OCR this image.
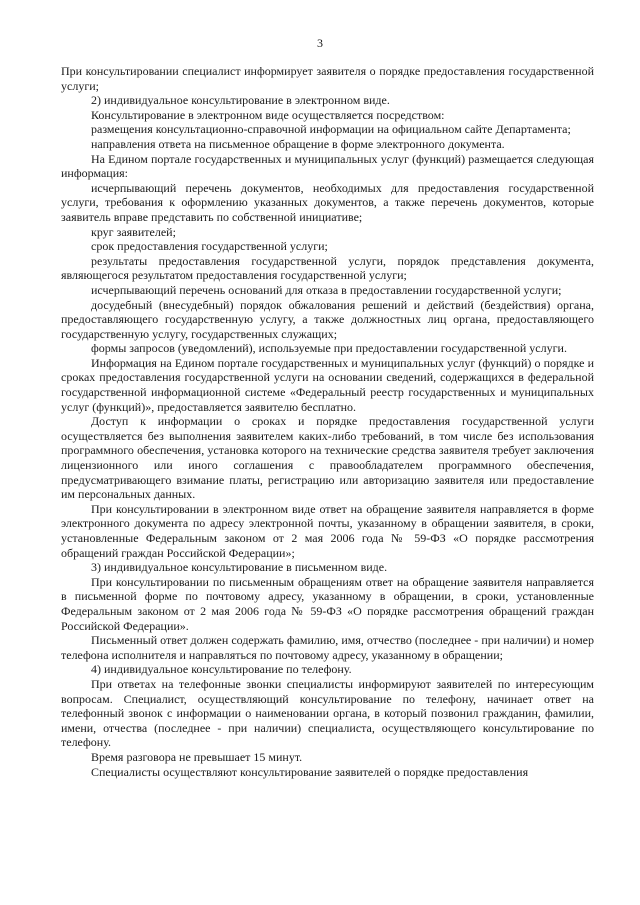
3

При консультировании специалист информирует заявителя о порядке предоставления государственной услуги;

2) индивидуальное консультирование в электронном виде.

Консультирование в электронном виде осуществляется посредством:

размещения консультационно-справочной информации на официальном сайте Департамента;

направления ответа на письменное обращение в форме электронного документа.

На Едином портале государственных и муниципальных услуг (функций) размещается следующая информация:

исчерпывающий перечень документов, необходимых для предоставления государственной услуги, требования к оформлению указанных документов, а также перечень документов, которые заявитель вправе представить по собственной инициативе;

круг заявителей;

срок предоставления государственной услуги;

результаты предоставления государственной услуги, порядок представления документа, являющегося результатом предоставления государственной услуги;

исчерпывающий перечень оснований для отказа в предоставлении государственной услуги;

досудебный (внесудебный) порядок обжалования решений и действий (бездействия) органа, предоставляющего государственную услугу, а также должностных лиц органа, предоставляющего государственную услугу, государственных служащих;

формы запросов (уведомлений), используемые при предоставлении государственной услуги.

Информация на Едином портале государственных и муниципальных услуг (функций) о порядке и сроках предоставления государственной услуги на основании сведений, содержащихся в федеральной государственной информационной системе «Федеральный реестр государственных и муниципальных услуг (функций)», предоставляется заявителю бесплатно.

Доступ к информации о сроках и порядке предоставления государственной услуги осуществляется без выполнения заявителем каких-либо требований, в том числе без использования программного обеспечения, установка которого на технические средства заявителя требует заключения лицензионного или иного соглашения с правообладателем программного обеспечения, предусматривающего взимание платы, регистрацию или авторизацию заявителя или предоставление им персональных данных.

При консультировании в электронном виде ответ на обращение заявителя направляется в форме электронного документа по адресу электронной почты, указанному в обращении заявителя, в сроки, установленные Федеральным законом от 2 мая 2006 года № 59-ФЗ «О порядке рассмотрения обращений граждан Российской Федерации»;

3) индивидуальное консультирование в письменном виде.

При консультировании по письменным обращениям ответ на обращение заявителя направляется в письменной форме по почтовому адресу, указанному в обращении, в сроки, установленные Федеральным законом от 2 мая 2006 года № 59-ФЗ «О порядке рассмотрения обращений граждан Российской Федерации».

Письменный ответ должен содержать фамилию, имя, отчество (последнее - при наличии) и номер телефона исполнителя и направляться по почтовому адресу, указанному в обращении;

4) индивидуальное консультирование по телефону.

При ответах на телефонные звонки специалисты информируют заявителей по интересующим вопросам. Специалист, осуществляющий консультирование по телефону, начинает ответ на телефонный звонок с информации о наименовании органа, в который позвонил гражданин, фамилии, имени, отчества (последнее - при наличии) специалиста, осуществляющего консультирование по телефону.

Время разговора не превышает 15 минут.

Специалисты осуществляют консультирование заявителей о порядке предоставления
